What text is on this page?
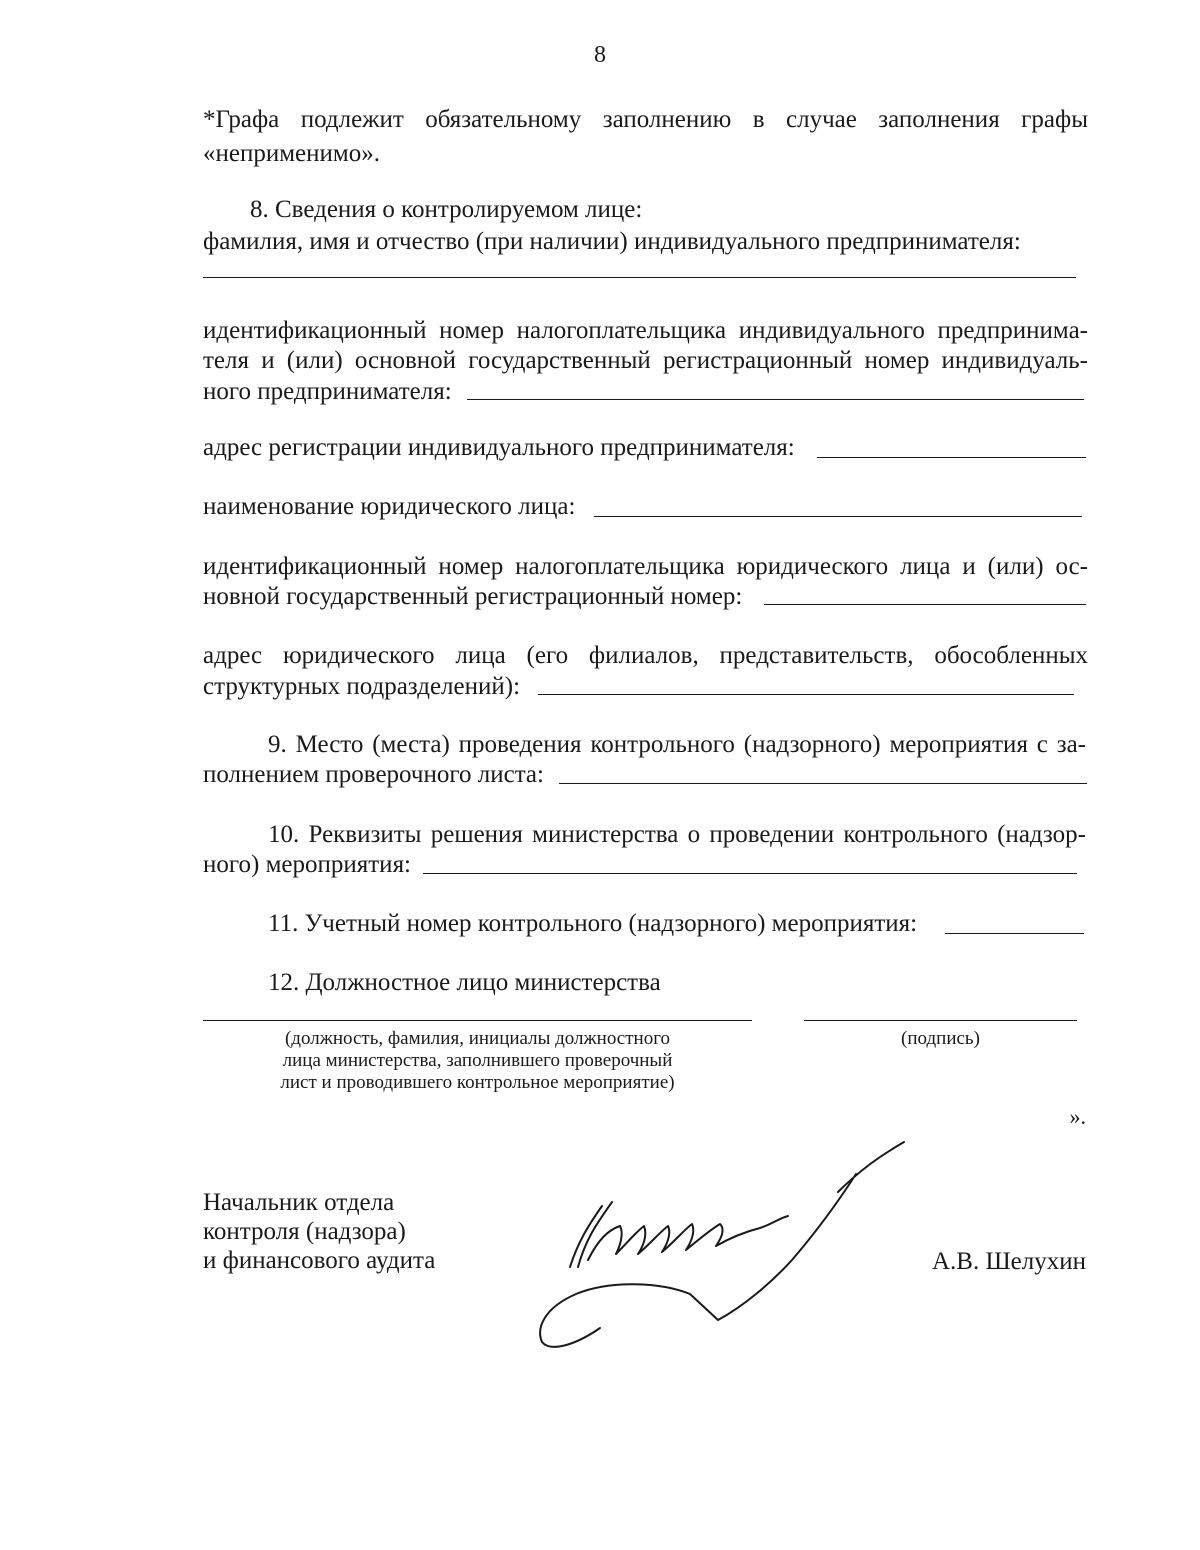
8
*Графа подлежит обязательному заполнению в случае заполнения графы
«неприменимо».
8. Сведения о контролируемом лице:
фамилия, имя и отчество (при наличии) индивидуального предпринимателя:
идентификационный номер налогоплательщика индивидуального предпринима-
теля и (или) основной государственный регистрационный номер индивидуаль-
ного предпринимателя:
адрес регистрации индивидуального предпринимателя:
наименование юридического лица:
идентификационный номер налогоплательщика юридического лица и (или) ос-
новной государственный регистрационный номер:
адрес юридического лица (его филиалов, представительств, обособленных
структурных подразделений):
9. Место (места) проведения контрольного (надзорного) мероприятия с за-
полнением проверочного листа:
10. Реквизиты решения министерства о проведении контрольного (надзор-
ного) мероприятия:
11. Учетный номер контрольного (надзорного) мероприятия:
12. Должностное лицо министерства
(должность, фамилия, инициалы должностного
лица министерства, заполнившего проверочный
лист и проводившего контрольное мероприятие)
(подпись)
».
Начальник отдела
контроля (надзора)
и финансового аудита	А.В. Шелухин
